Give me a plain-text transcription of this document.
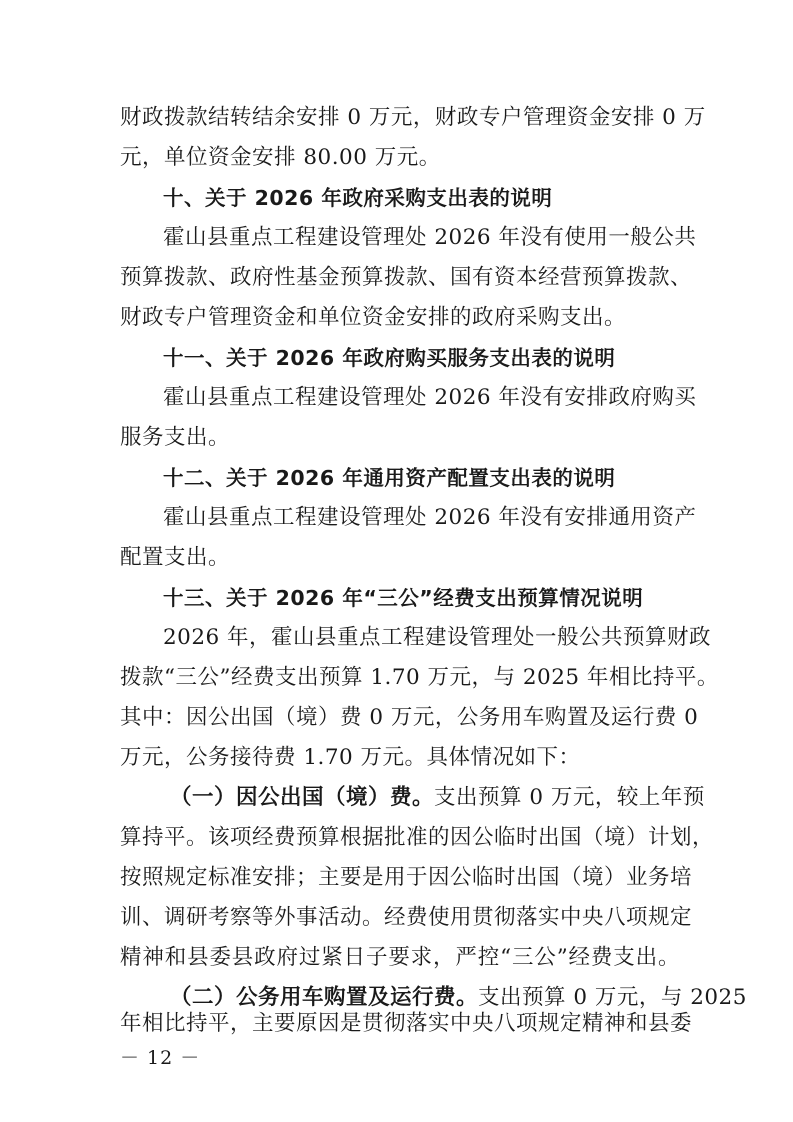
财政拨款结转结余安排 0 万元，财政专户管理资金安排 0 万
元，单位资金安排 80.00 万元。
十、关于 2026 年政府采购支出表的说明
霍山县重点工程建设管理处 2026 年没有使用一般公共
预算拨款、政府性基金预算拨款、国有资本经营预算拨款、
财政专户管理资金和单位资金安排的政府采购支出。
十一、关于 2026 年政府购买服务支出表的说明
霍山县重点工程建设管理处 2026 年没有安排政府购买
服务支出。
十二、关于 2026 年通用资产配置支出表的说明
霍山县重点工程建设管理处 2026 年没有安排通用资产
配置支出。
十三、关于 2026 年“三公”经费支出预算情况说明
2026 年，霍山县重点工程建设管理处一般公共预算财政
拨款“三公”经费支出预算 1.70 万元，与 2025 年相比持平。
其中：因公出国（境）费 0 万元，公务用车购置及运行费 0
万元，公务接待费 1.70 万元。具体情况如下：
（一）因公出国（境）费。支出预算 0 万元，较上年预
算持平。该项经费预算根据批准的因公临时出国（境）计划，
按照规定标准安排；主要是用于因公临时出国（境）业务培
训、调研考察等外事活动。经费使用贯彻落实中央八项规定
精神和县委县政府过紧日子要求，严控“三公”经费支出。
（二）公务用车购置及运行费。支出预算 0 万元，与 2025
年相比持平，主要原因是贯彻落实中央八项规定精神和县委
－ 12 －
